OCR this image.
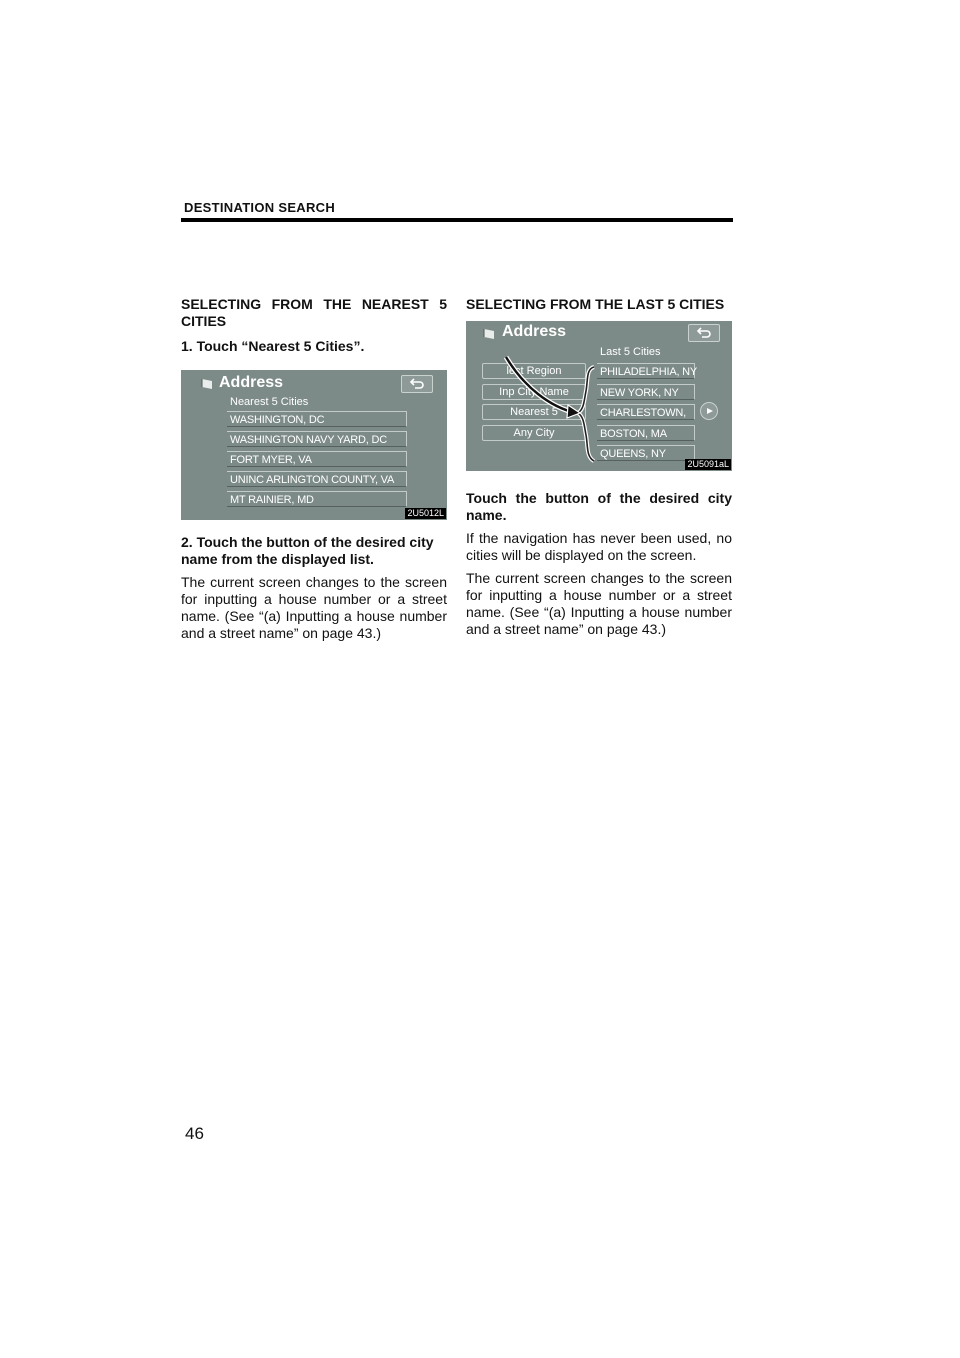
DESTINATION SEARCH

SELECTING FROM THE NEAREST 5 CITIES

1. Touch “Nearest 5 Cities”.

Address
Nearest 5 Cities
WASHINGTON, DC
WASHINGTON NAVY YARD, DC
FORT MYER, VA
UNINC ARLINGTON COUNTY, VA
MT RAINIER, MD
2U5012L

2. Touch the button of the desired city name from the displayed list.

The current screen changes to the screen for inputting a house number or a street name. (See “(a) Inputting a house number and a street name” on page 43.)

SELECTING FROM THE LAST 5 CITIES

Address
Last 5 Cities
lect Region
Inp City Name
Nearest 5
Any City
PHILADELPHIA, NY
NEW YORK, NY
CHARLESTOWN,
BOSTON, MA
QUEENS, NY
2U5091aL

Touch the button of the desired city name.

If the navigation has never been used, no cities will be displayed on the screen.

The current screen changes to the screen for inputting a house number or a street name. (See “(a) Inputting a house number and a street name” on page 43.)

46
